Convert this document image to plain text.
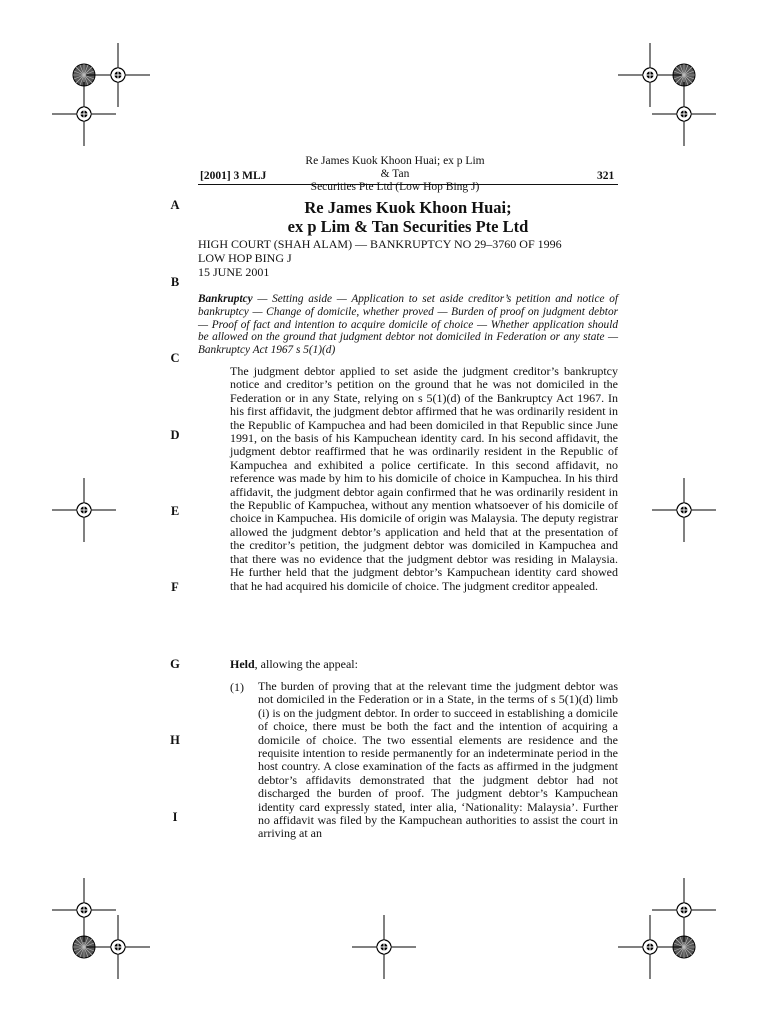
[2001] 3 MLJ
Re James Kuok Khoon Huai; ex p Lim & Tan
Securities Pte Ltd (Low Hop Bing J)
321
A
B
C
D
E
F
G
H
I
Re James Kuok Khoon Huai;
ex p Lim & Tan Securities Pte Ltd
HIGH COURT (SHAH ALAM) — BANKRUPTCY NO 29–3760 OF 1996
LOW HOP BING J
15 JUNE 2001
Bankruptcy — Setting aside — Application to set aside creditor’s petition and notice of bankruptcy — Change of domicile, whether proved — Burden of proof on judgment debtor — Proof of fact and intention to acquire domicile of choice — Whether application should be allowed on the ground that judgment debtor not domiciled in Federation or any state — Bankruptcy Act 1967 s 5(1)(d)
The judgment debtor applied to set aside the judgment creditor’s bankruptcy notice and creditor’s petition on the ground that he was not domiciled in the Federation or in any State, relying on s 5(1)(d) of the Bankruptcy Act 1967. In his first affidavit, the judgment debtor affirmed that he was ordinarily resident in the Republic of Kampuchea and had been domiciled in that Republic since June 1991, on the basis of his Kampuchean identity card. In his second affidavit, the judgment debtor reaffirmed that he was ordinarily resident in the Republic of Kampuchea and exhibited a police certificate. In this second affidavit, no reference was made by him to his domicile of choice in Kampuchea. In his third affidavit, the judgment debtor again confirmed that he was ordinarily resident in the Republic of Kampuchea, without any mention whatsoever of his domicile of choice in Kampuchea. His domicile of origin was Malaysia. The deputy registrar allowed the judgment debtor’s application and held that at the presentation of the creditor’s petition, the judgment debtor was domiciled in Kampuchea and that there was no evidence that the judgment debtor was residing in Malaysia. He further held that the judgment debtor’s Kampuchean identity card showed that he had acquired his domicile of choice. The judgment creditor appealed.
Held, allowing the appeal:
(1) The burden of proving that at the relevant time the judgment debtor was not domiciled in the Federation or in a State, in the terms of s 5(1)(d) limb (i) is on the judgment debtor. In order to succeed in establishing a domicile of choice, there must be both the fact and the intention of acquiring a domicile of choice. The two essential elements are residence and the requisite intention to reside permanently for an indeterminate period in the host country. A close examination of the facts as affirmed in the judgment debtor’s affidavits demonstrated that the judgment debtor had not discharged the burden of proof. The judgment debtor’s Kampuchean identity card expressly stated, inter alia, ‘Nationality: Malaysia’. Further no affidavit was filed by the Kampuchean authorities to assist the court in arriving at an
